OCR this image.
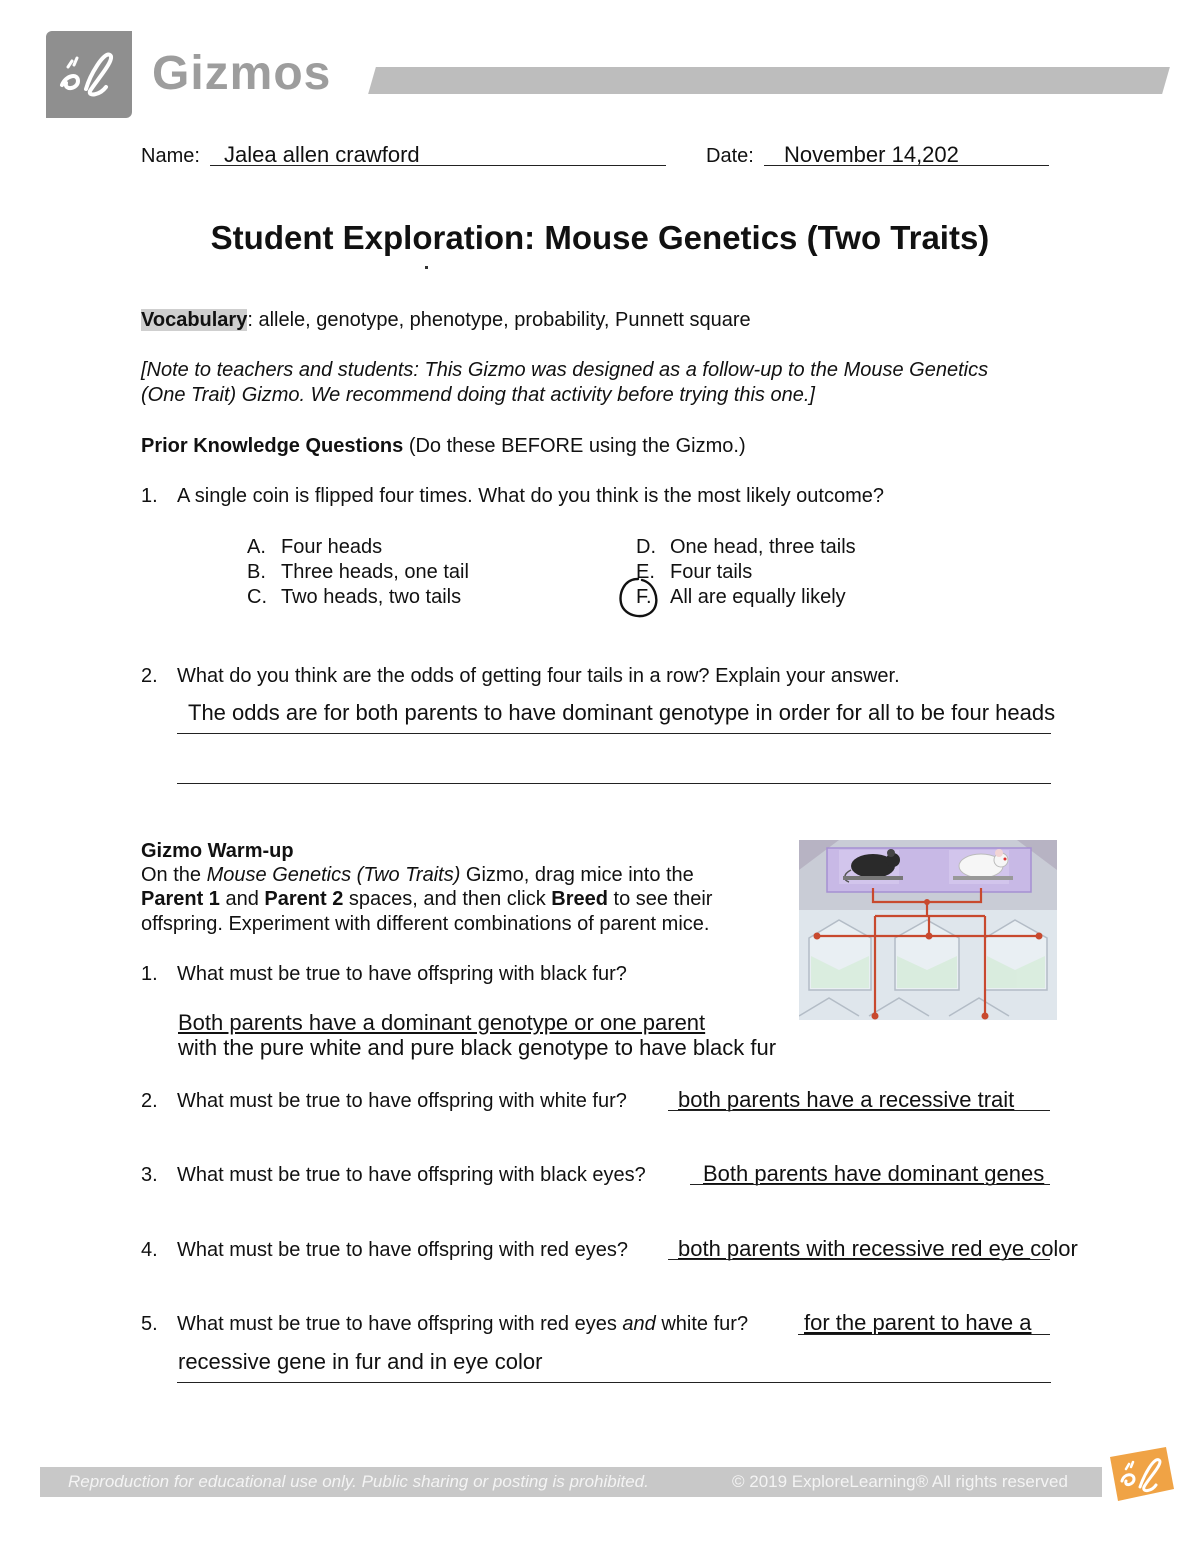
Gizmos
Name: Jalea allen crawford	Date: November 14,202
Student Exploration: Mouse Genetics (Two Traits)
Vocabulary: allele, genotype, phenotype, probability, Punnett square
[Note to teachers and students: This Gizmo was designed as a follow-up to the Mouse Genetics
(One Trait) Gizmo. We recommend doing that activity before trying this one.]
Prior Knowledge Questions (Do these BEFORE using the Gizmo.)
1. A single coin is flipped four times. What do you think is the most likely outcome?
A. Four heads
B. Three heads, one tail
C. Two heads, two tails
D. One head, three tails
E. Four tails
F. All are equally likely
2. What do you think are the odds of getting four tails in a row? Explain your answer.
The odds are for both parents to have dominant genotype in order for all to be four heads
Gizmo Warm-up
On the Mouse Genetics (Two Traits) Gizmo, drag mice into the
Parent 1 and Parent 2 spaces, and then click Breed to see their
offspring. Experiment with different combinations of parent mice.
1. What must be true to have offspring with black fur?
Both parents have a dominant genotype or one parent
with the pure white and pure black genotype to have black fur
2. What must be true to have offspring with white fur? both parents have a recessive trait
3. What must be true to have offspring with black eyes?	Both parents have dominant genes
4. What must be true to have offspring with red eyes? both parents with recessive red eye color
5. What must be true to have offspring with red eyes and white fur?	for the parent to have a
recessive gene in fur and in eye color
Reproduction for educational use only. Public sharing or posting is prohibited.	© 2019 ExploreLearning® All rights reserved
